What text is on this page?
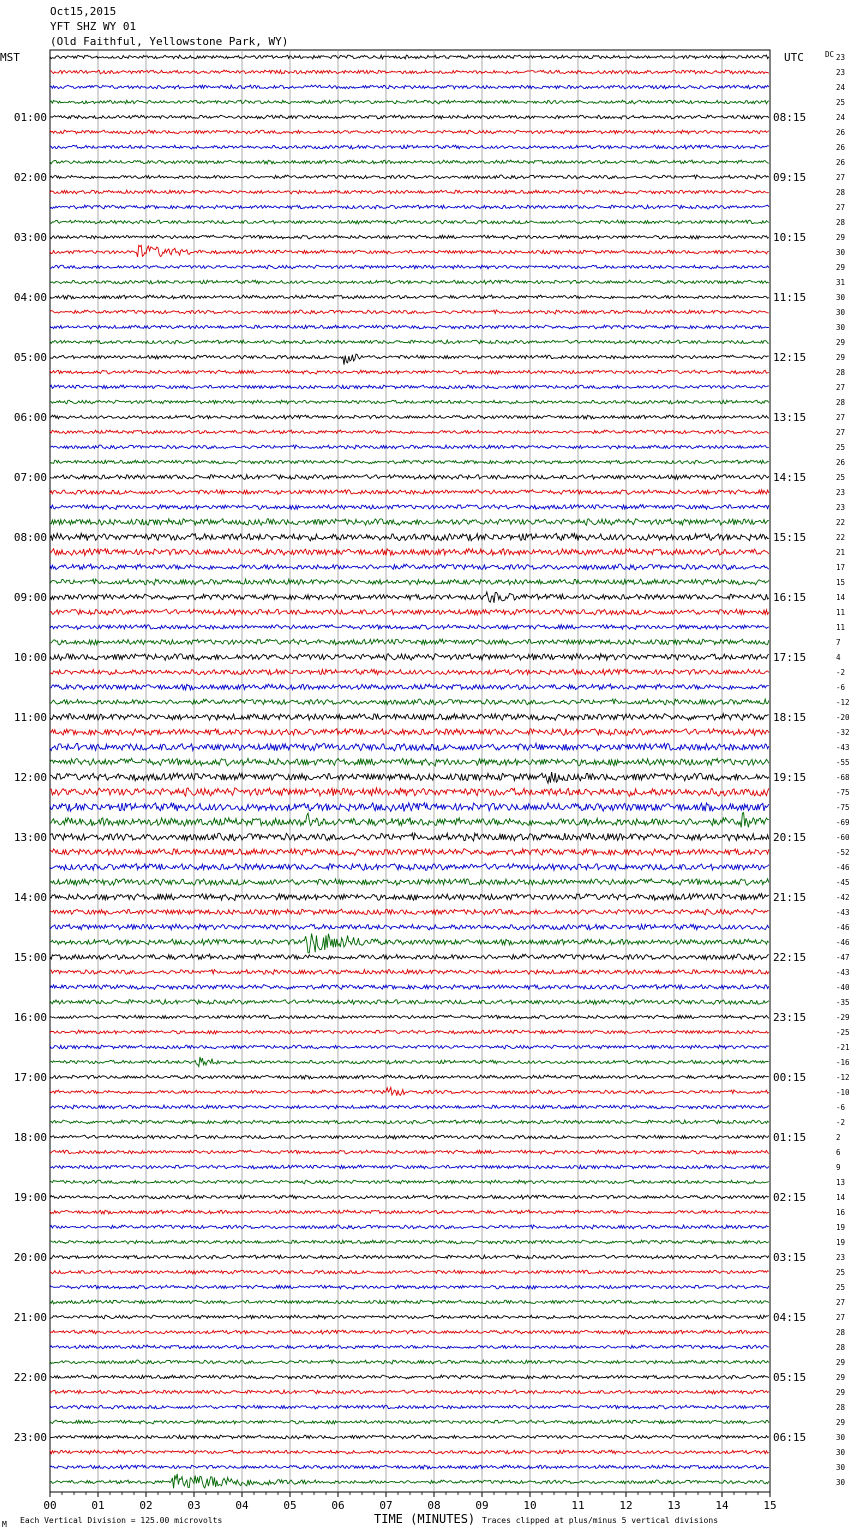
Oct15,2015
YFT SHZ WY 01
(Old Faithful, Yellowstone Park, WY)
00	01	02	03	04	05	06	07	08	09	10	11	12	13	14	15
23
23
24
25
24
01:00	08:15
26
26
26
27
02:00	09:15
28
27
28
29
03:00	10:15
30
29
31
30
04:00	11:15
30
30
29
29
05:00	12:15
28
27
28
27
06:00	13:15
27
25
26
25
07:00	14:15
23
23
22
22
08:00	15:15
21
17
15
14
09:00	16:15
11
11
7
4
10:00	17:15
-2
-6
-12
-20
11:00	18:15
-32
-43
-55
-68
12:00	19:15
-75
-75
-69
-60
13:00	20:15
-52
-46
-45
-42
14:00	21:15
-43
-46
-46
-47
15:00	22:15
-43
-40
-35
-29
16:00	23:15
-25
-21
-16
-12
17:00	00:15
-10
-6
-2
2
18:00	01:15
6
9
13
14
19:00	02:15
16
19
19
23
20:00	03:15
25
25
27
27
21:00	04:15
28
28
29
29
22:00	05:15
29
28
29
30
23:00	06:15
30
30
30
MST	UTC	DC
TIME (MINUTES)
Each Vertical Division = 125.00 microvolts	Traces clipped at plus/minus 5 vertical divisions
M
